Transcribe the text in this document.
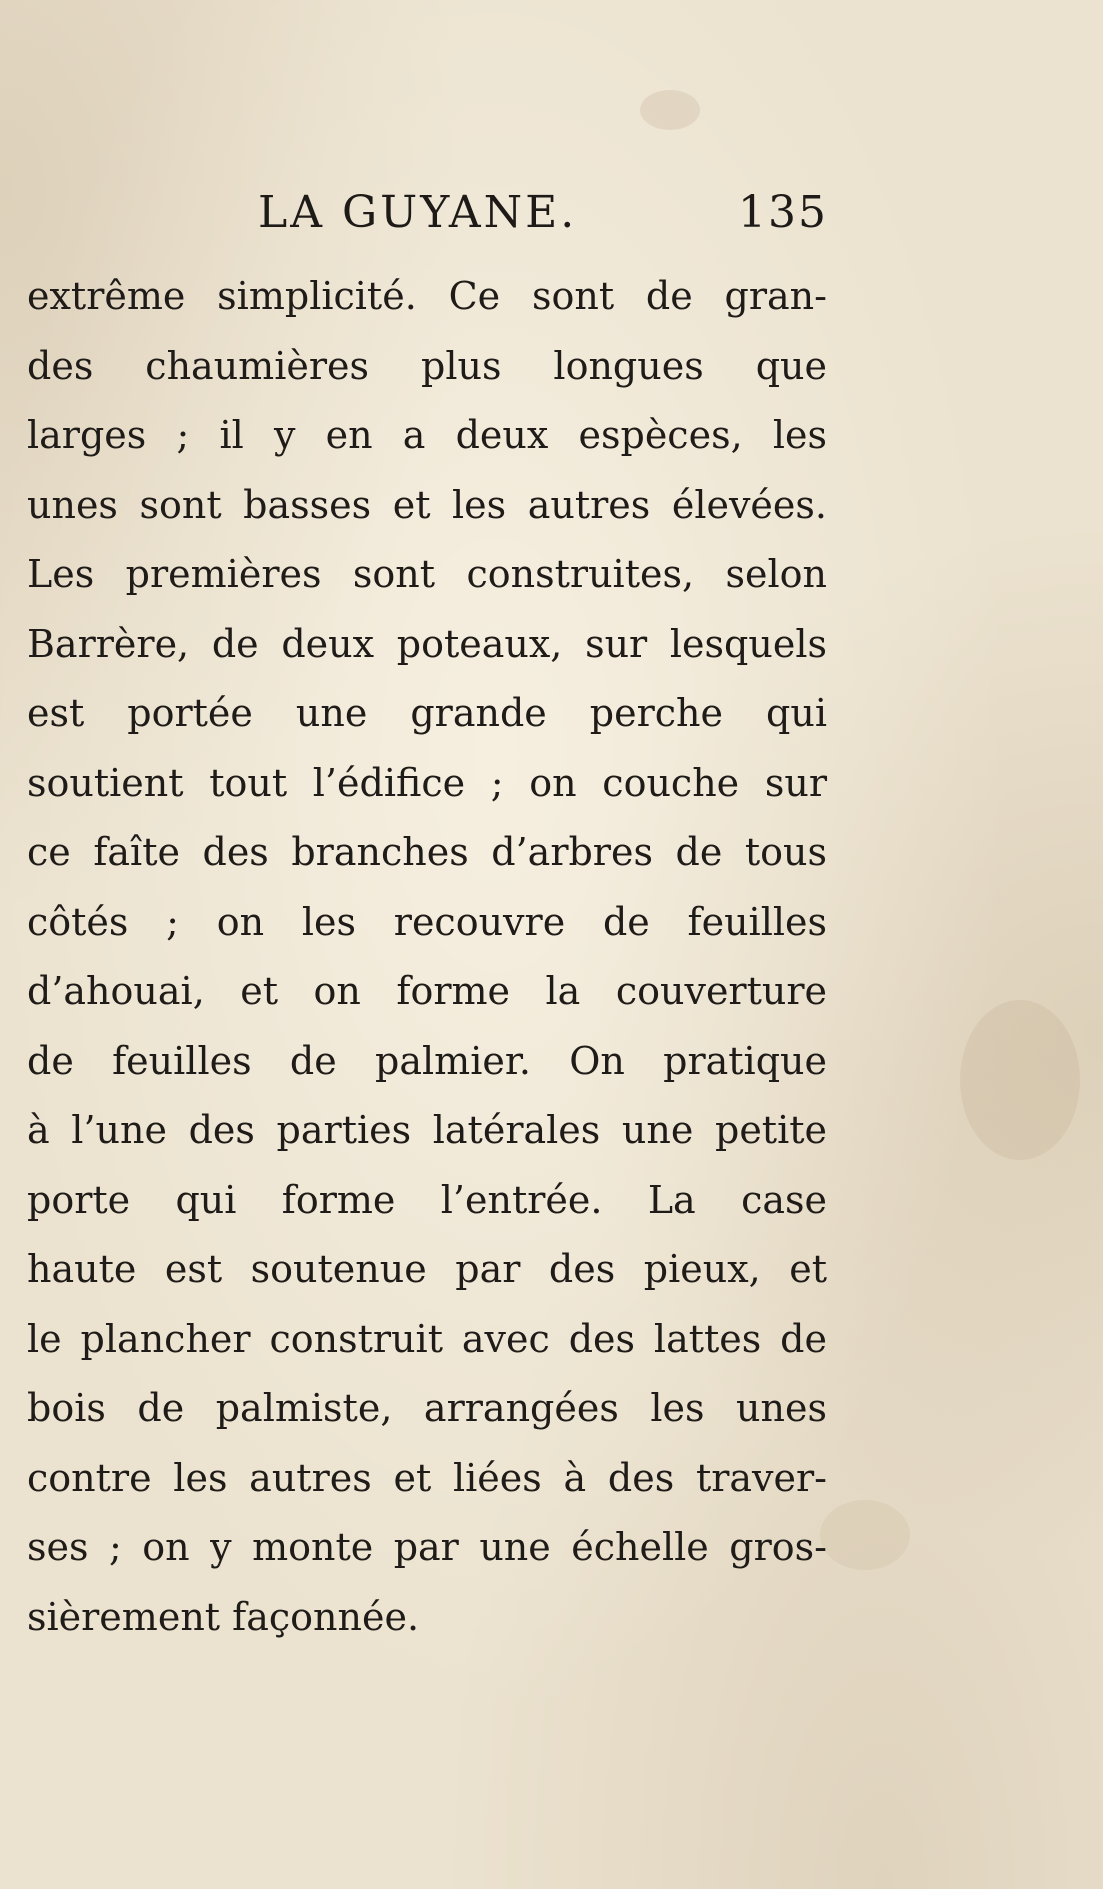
LA GUYANE.	135
extrême simplicité. Ce sont de gran-
des chaumières plus longues que
larges ; il y en a deux espèces, les
unes sont basses et les autres élevées.
Les premières sont construites, selon
Barrère, de deux poteaux, sur lesquels
est portée une grande perche qui
soutient tout l’édifice ; on couche sur
ce faîte des branches d’arbres de tous
côtés ; on les recouvre de feuilles
d’ahouai, et on forme la couverture
de feuilles de palmier. On pratique
à l’une des parties latérales une petite
porte qui forme l’entrée. La case
haute est soutenue par des pieux, et
le plancher construit avec des lattes de
bois de palmiste, arrangées les unes
contre les autres et liées à des traver-
ses ; on y monte par une échelle gros-
sièrement façonnée.
